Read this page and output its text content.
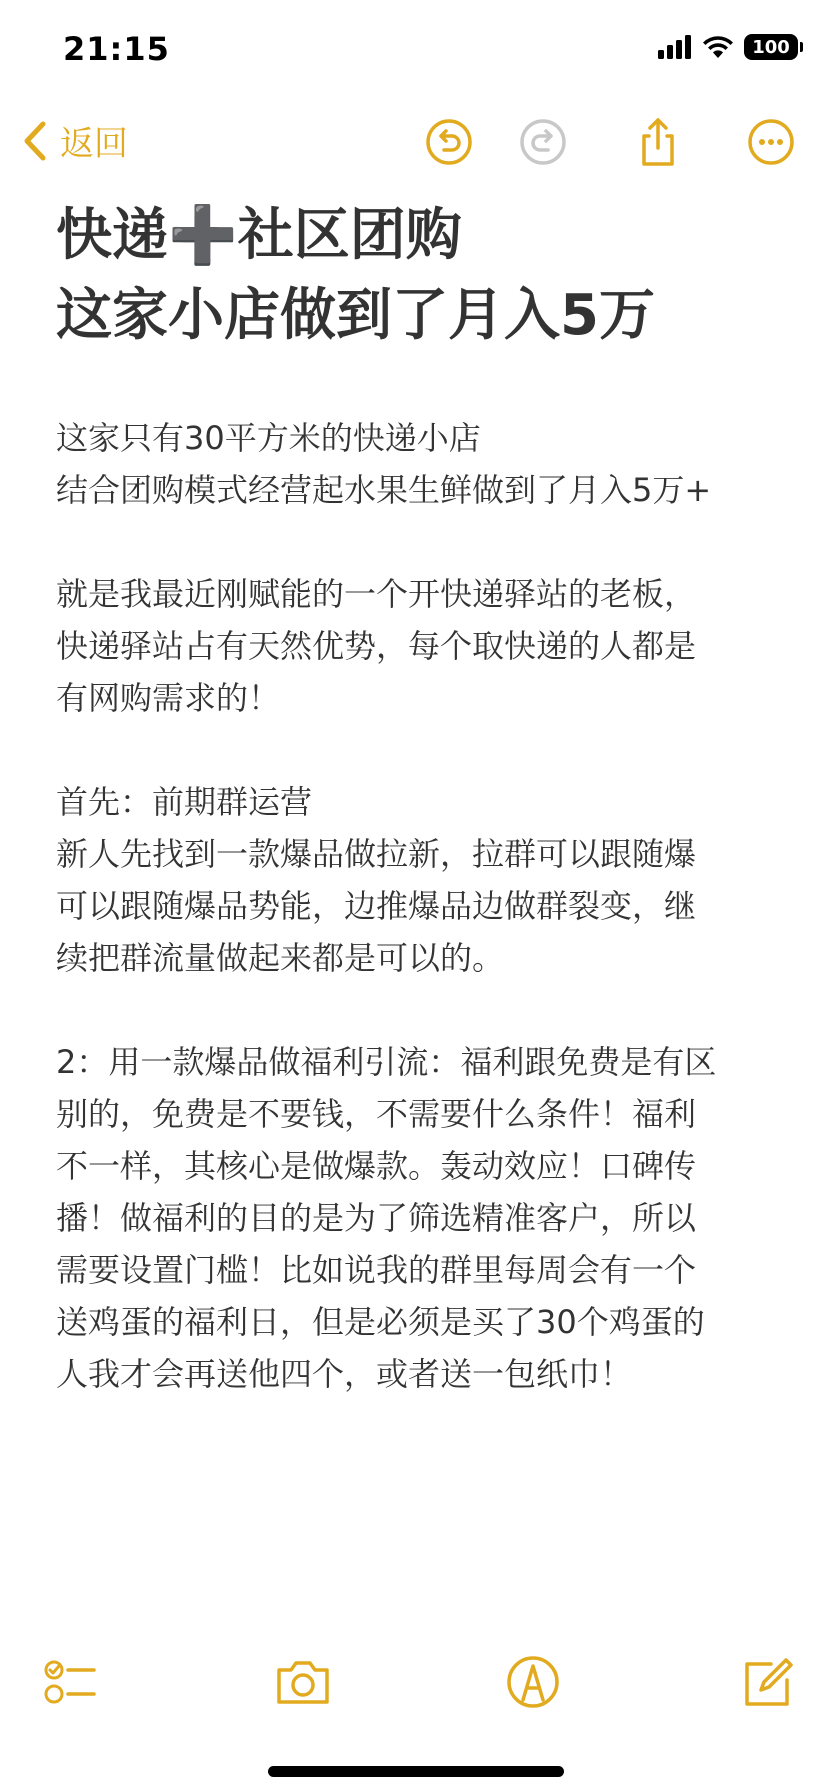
21:15	100
返回

快递➕社区团购

这家小店做到了月入5万

这家只有30平方米的快递小店

结合团购模式经营起水果生鲜做到了月入5万+

就是我最近刚赋能的一个开快递驿站的老板，

快递驿站占有天然优势，每个取快递的人都是

有网购需求的！

首先：前期群运营

新人先找到一款爆品做拉新，拉群可以跟随爆

可以跟随爆品势能，边推爆品边做群裂变，继

续把群流量做起来都是可以的。

2：用一款爆品做福利引流：福利跟免费是有区

别的，免费是不要钱，不需要什么条件！福利

不一样，其核心是做爆款。轰动效应！口碑传

播！做福利的目的是为了筛选精准客户，所以

需要设置门槛！比如说我的群里每周会有一个

送鸡蛋的福利日，但是必须是买了30个鸡蛋的

人我才会再送他四个，或者送一包纸巾！
